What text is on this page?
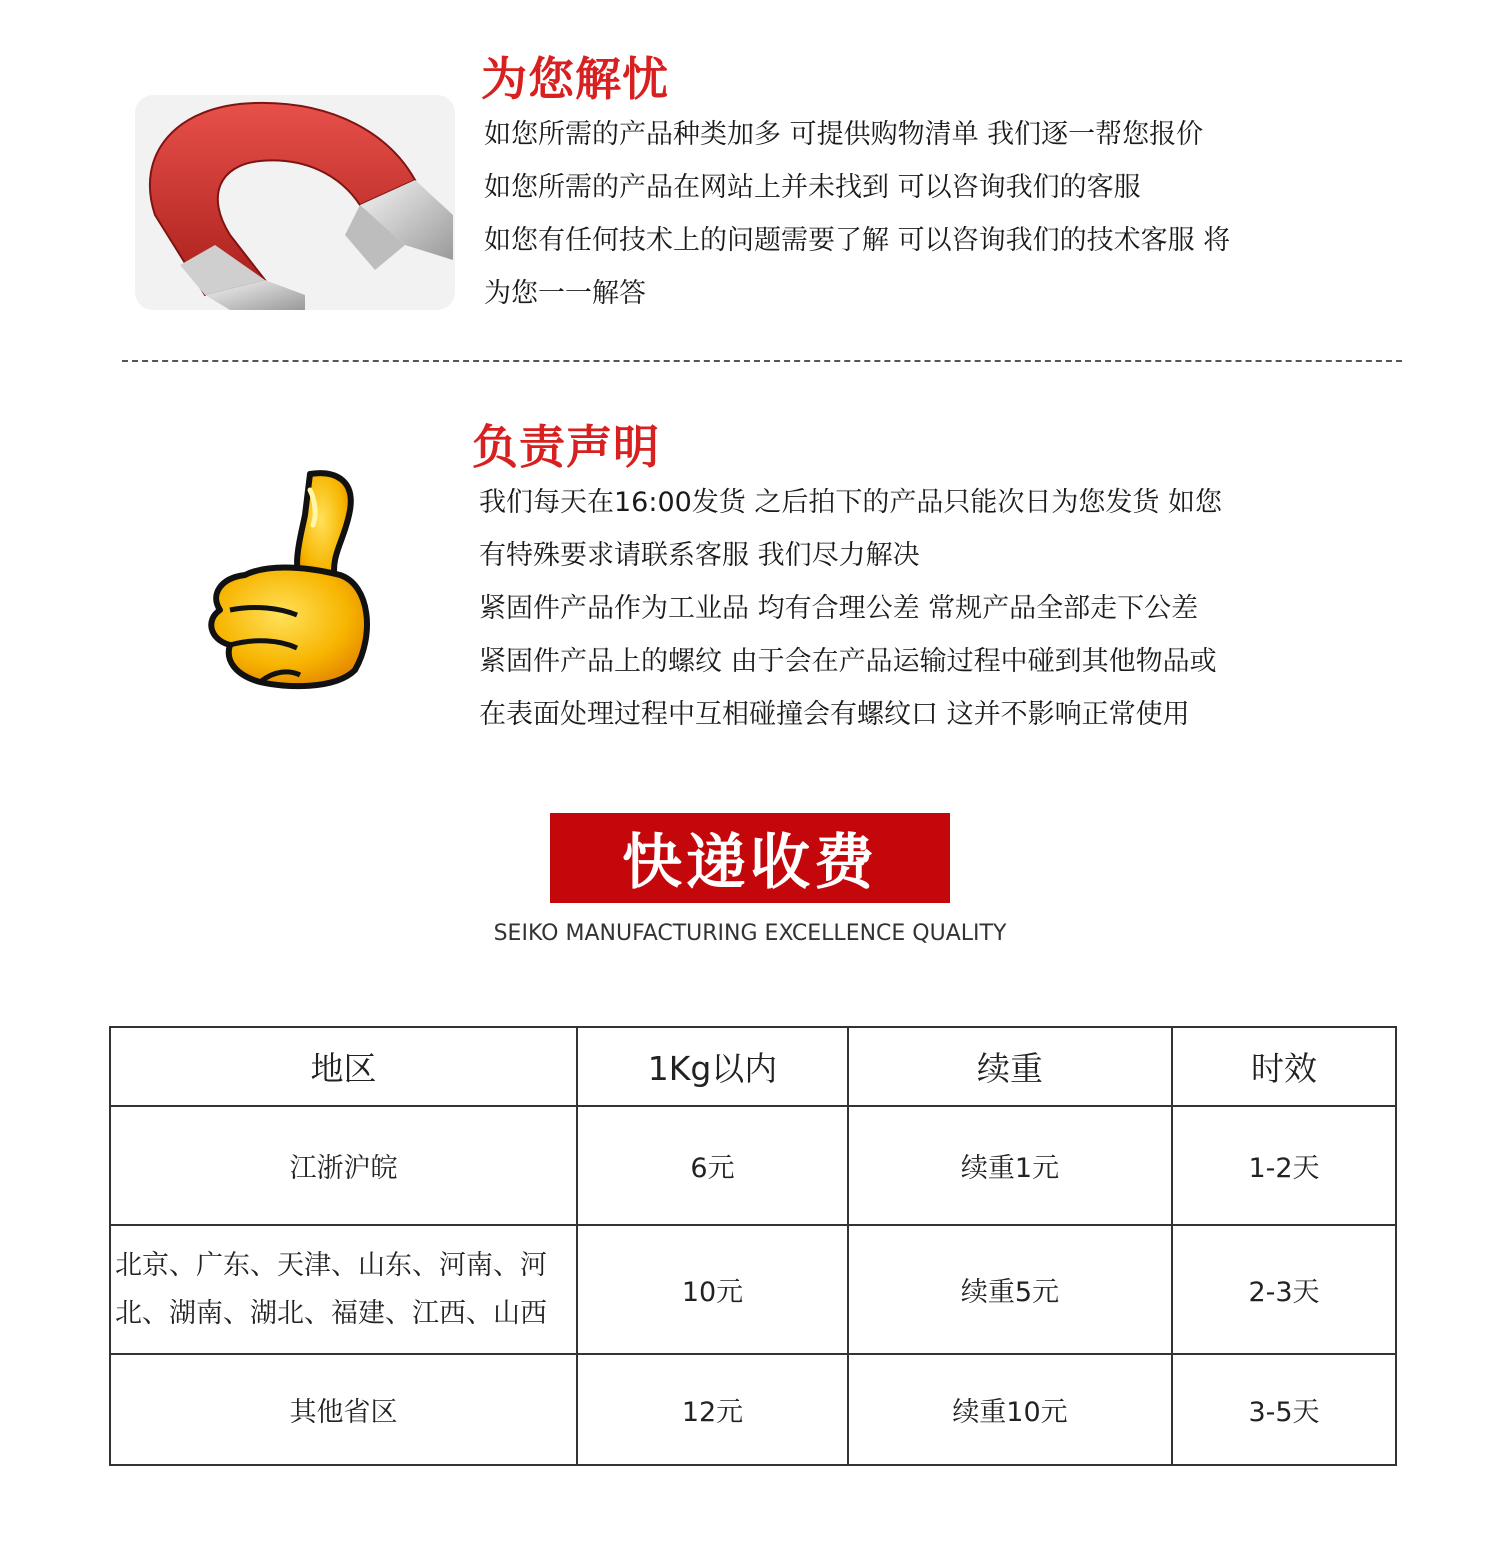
为您解忧
如您所需的产品种类加多 可提供购物清单 我们逐一帮您报价
如您所需的产品在网站上并未找到 可以咨询我们的客服
如您有任何技术上的问题需要了解 可以咨询我们的技术客服 将
为您一一解答
负责声明
我们每天在16:00发货 之后拍下的产品只能次日为您发货 如您
有特殊要求请联系客服 我们尽力解决
紧固件产品作为工业品 均有合理公差 常规产品全部走下公差
紧固件产品上的螺纹 由于会在产品运输过程中碰到其他物品或
在表面处理过程中互相碰撞会有螺纹口 这并不影响正常使用
快递收费
SEIKO MANUFACTURING EXCELLENCE QUALITY
地区	1Kg以内	续重	时效
江浙沪皖	6元	续重1元	1-2天
北京、广东、天津、山东、河南、河北、湖南、湖北、福建、江西、山西	10元	续重5元	2-3天
其他省区	12元	续重10元	3-5天
